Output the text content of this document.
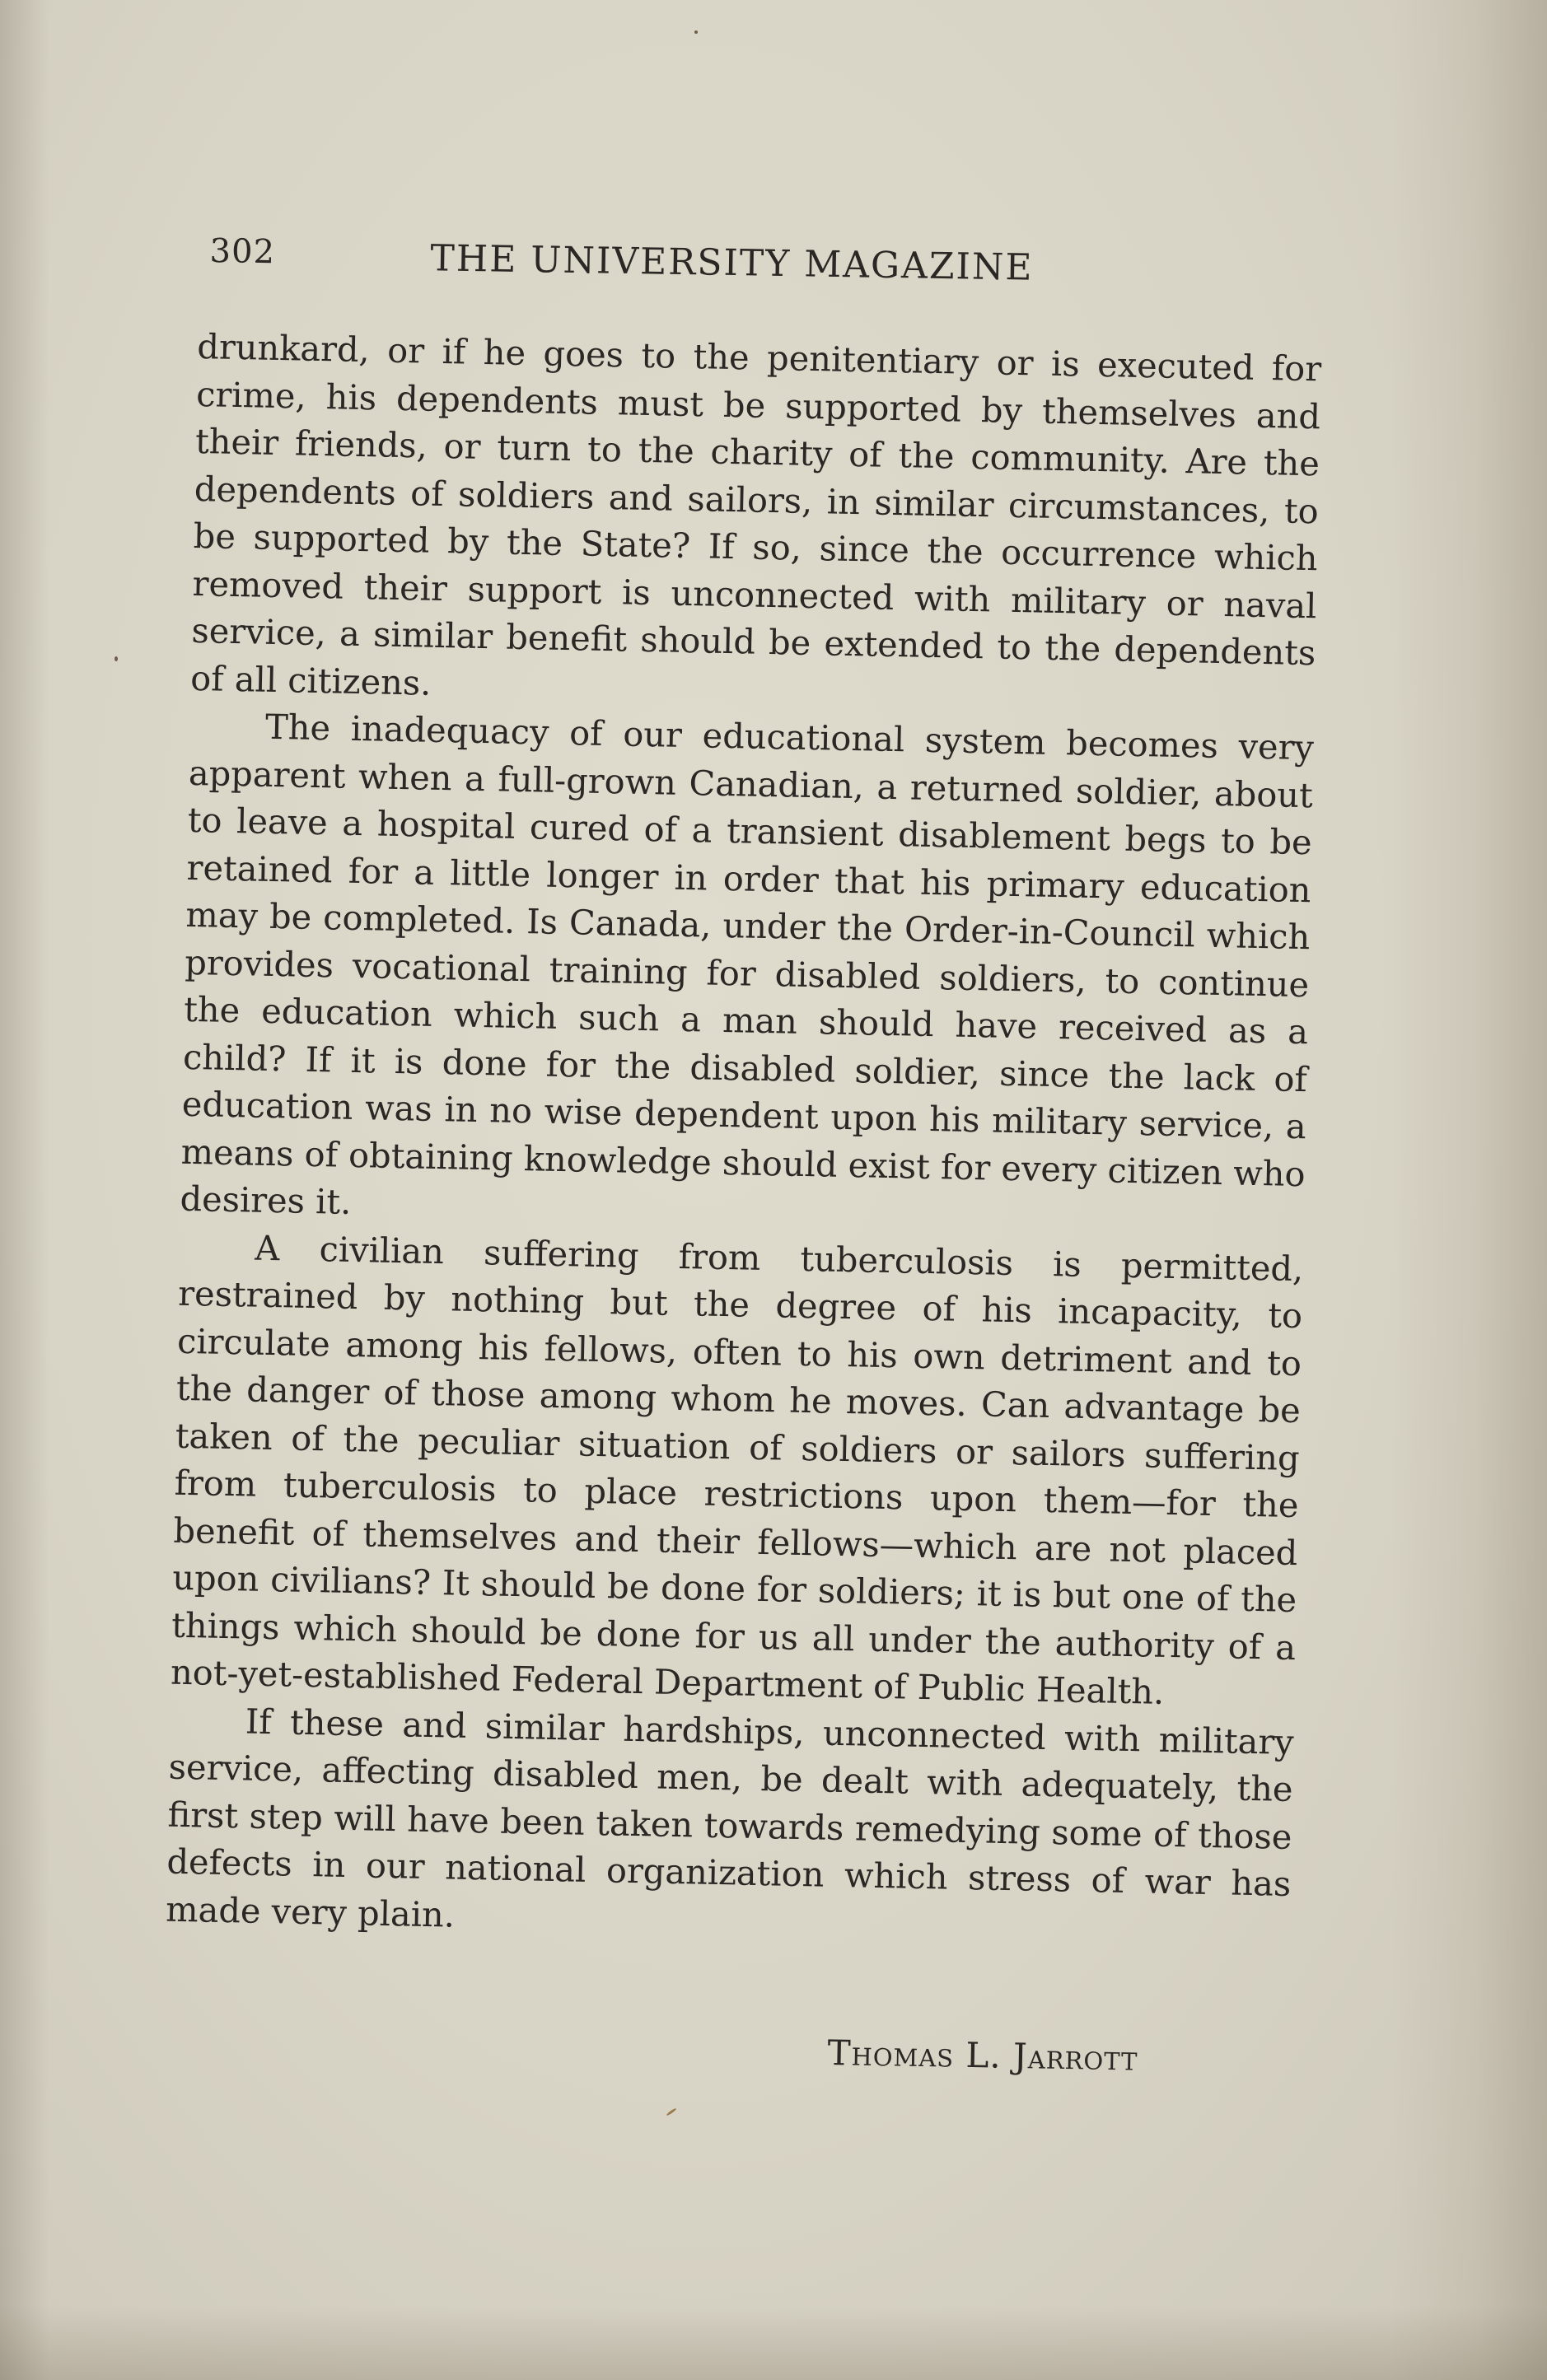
302	THE UNIVERSITY MAGAZINE

drunkard, or if he goes to the penitentiary or is executed for crime, his dependents must be supported by themselves and their friends, or turn to the charity of the community. Are the dependents of soldiers and sailors, in similar circumstances, to be supported by the State? If so, since the occurrence which removed their support is unconnected with military or naval service, a similar benefit should be extended to the dependents of all citizens.

The inadequacy of our educational system becomes very apparent when a full-grown Canadian, a returned soldier, about to leave a hospital cured of a transient disablement begs to be retained for a little longer in order that his primary education may be completed. Is Canada, under the Order-in-Council which provides vocational training for disabled soldiers, to continue the education which such a man should have received as a child? If it is done for the disabled soldier, since the lack of education was in no wise dependent upon his military service, a means of obtaining knowledge should exist for every citizen who desires it.

A civilian suffering from tuberculosis is permitted, restrained by nothing but the degree of his incapacity, to circulate among his fellows, often to his own detriment and to the danger of those among whom he moves. Can advantage be taken of the peculiar situation of soldiers or sailors suffering from tuberculosis to place restrictions upon them—for the benefit of themselves and their fellows—which are not placed upon civilians? It should be done for soldiers; it is but one of the things which should be done for us all under the authority of a not-yet-established Federal Department of Public Health.

If these and similar hardships, unconnected with military service, affecting disabled men, be dealt with adequately, the first step will have been taken towards remedying some of those defects in our national organization which stress of war has made very plain.

Thomas L. Jarrott
